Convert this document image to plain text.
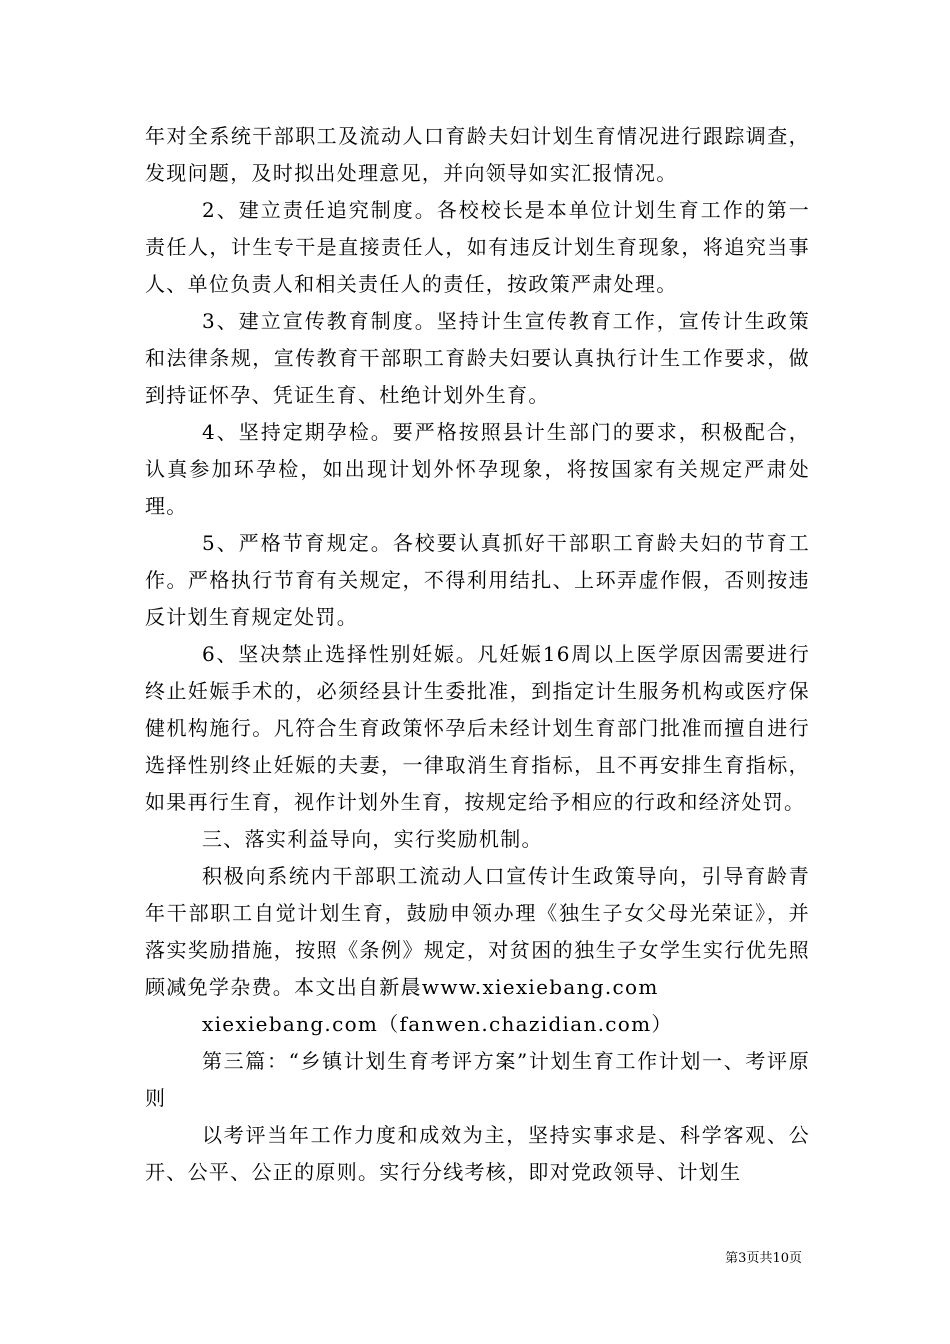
年对全系统干部职工及流动人口育龄夫妇计划生育情况进行跟踪调查，发现问题，及时拟出处理意见，并向领导如实汇报情况。

2、建立责任追究制度。各校校长是本单位计划生育工作的第一责任人，计生专干是直接责任人，如有违反计划生育现象，将追究当事人、单位负责人和相关责任人的责任，按政策严肃处理。

3、建立宣传教育制度。坚持计生宣传教育工作，宣传计生政策和法律条规，宣传教育干部职工育龄夫妇要认真执行计生工作要求，做到持证怀孕、凭证生育、杜绝计划外生育。

4、坚持定期孕检。要严格按照县计生部门的要求，积极配合，认真参加环孕检，如出现计划外怀孕现象，将按国家有关规定严肃处理。

5、严格节育规定。各校要认真抓好干部职工育龄夫妇的节育工作。严格执行节育有关规定，不得利用结扎、上环弄虚作假，否则按违反计划生育规定处罚。

6、坚决禁止选择性别妊娠。凡妊娠16周以上医学原因需要进行终止妊娠手术的，必须经县计生委批准，到指定计生服务机构或医疗保健机构施行。凡符合生育政策怀孕后未经计划生育部门批准而擅自进行选择性别终止妊娠的夫妻，一律取消生育指标，且不再安排生育指标，如果再行生育，视作计划外生育，按规定给予相应的行政和经济处罚。

三、落实利益导向，实行奖励机制。

积极向系统内干部职工流动人口宣传计生政策导向，引导育龄青年干部职工自觉计划生育，鼓励申领办理《独生子女父母光荣证》，并落实奖励措施，按照《条例》规定，对贫困的独生子女学生实行优先照顾减免学杂费。本文出自新晨www.xiexiebang.com

xiexiebang.com（fanwen.chazidian.com）

第三篇：“乡镇计划生育考评方案”计划生育工作计划一、考评原则

以考评当年工作力度和成效为主，坚持实事求是、科学客观、公开、公平、公正的原则。实行分线考核，即对党政领导、计划生

第3页共10页
